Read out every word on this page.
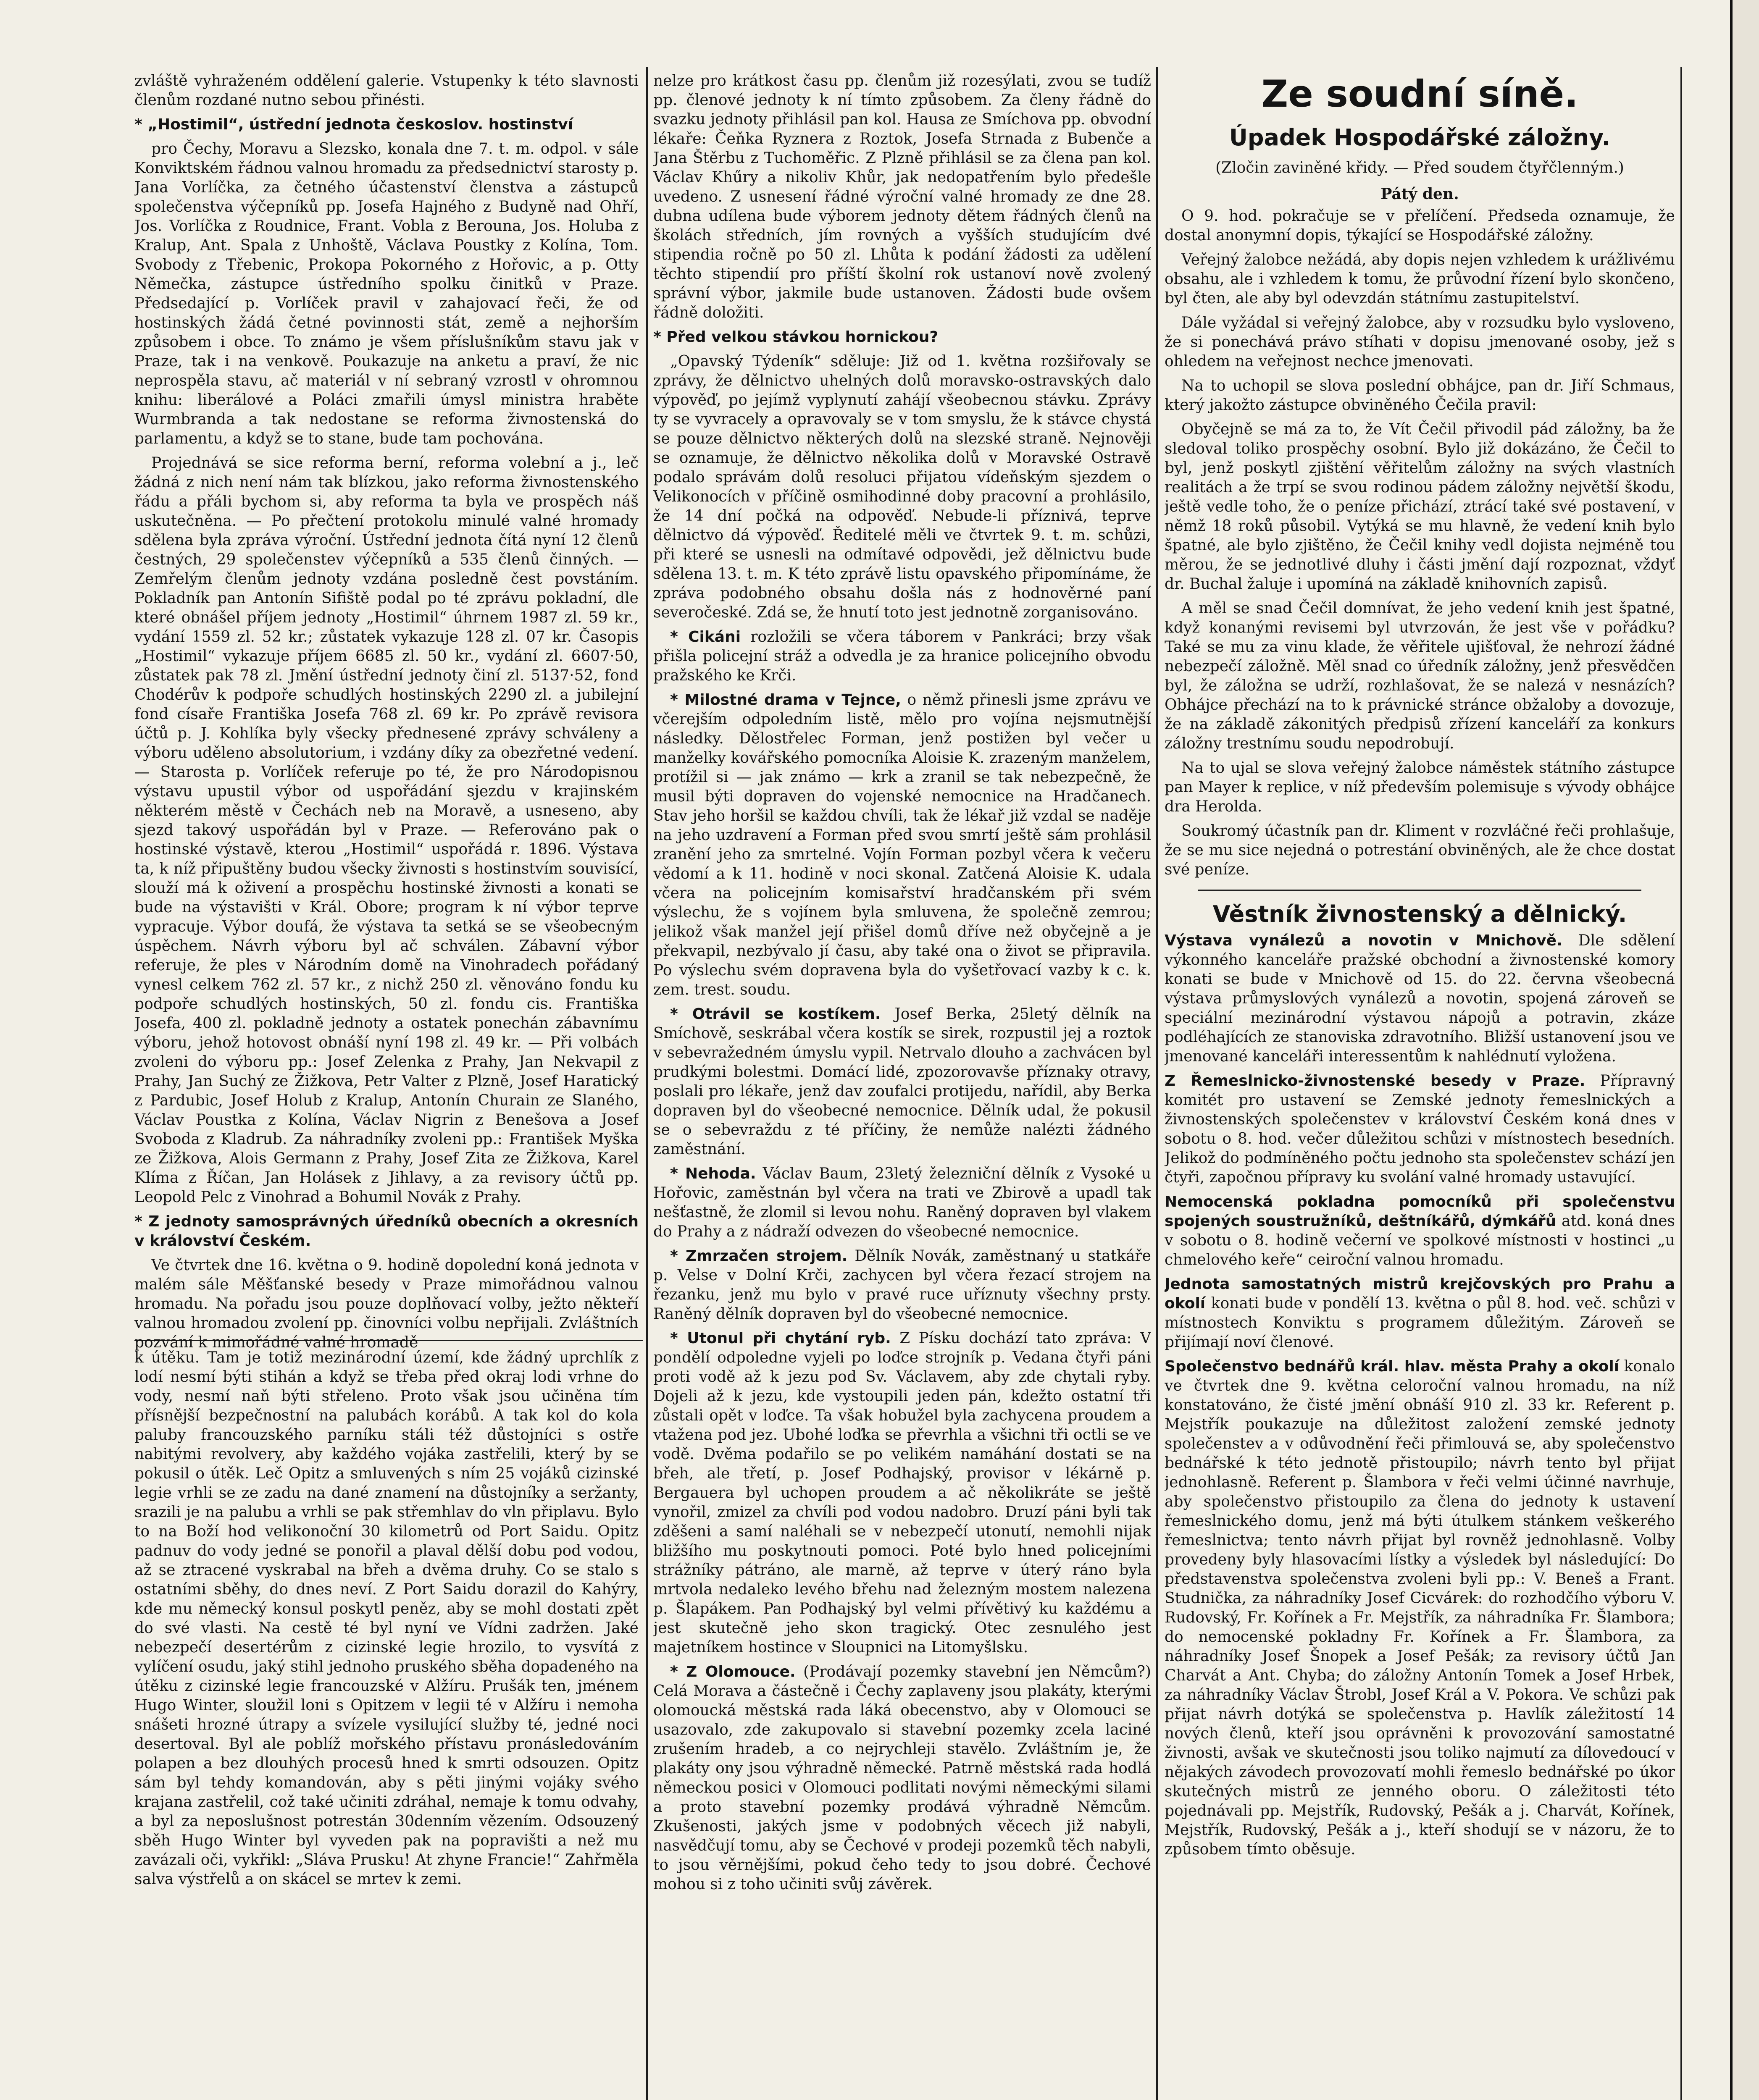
zvláště vyhraženém oddělení galerie. Vstupenky k této slavnosti členům rozdané nutno sebou přinésti.

* „Hostimil“, ústřední jednota českoslov. hostinství

pro Čechy, Moravu a Slezsko, konala dne 7. t. m. odpol. v sále Konviktském řádnou valnou hromadu za předsednictví starosty p. Jana Vorlíčka, za četného účastenství členstva a zástupců společenstva výčepníků pp. Josefa Hajného z Budyně nad Ohří, Jos. Vorlíčka z Roudnice, Frant. Vobla z Berouna, Jos. Holuba z Kralup, Ant. Spala z Unhoště, Václava Poustky z Kolína, Tom. Svobody z Třebenic, Prokopa Pokorného z Hořovic, a p. Otty Němečka, zástupce ústředního spolku činitků v Praze. Předsedající p. Vorlíček pravil v zahajovací řeči, že od hostinských žádá četné povinnosti stát, země a nejhorším způsobem i obce. To známo je všem příslušníkům stavu jak v Praze, tak i na venkově. Poukazuje na anketu a praví, že nic neprospěla stavu, ač materiál v ní sebraný vzrostl v ohromnou knihu: liberálové a Poláci zmařili úmysl ministra hraběte Wurmbranda a tak nedostane se reforma živnostenská do parlamentu, a když se to stane, bude tam pochována.

Projednává se sice reforma berní, reforma volební a j., leč žádná z nich není nám tak blízkou, jako reforma živnostenského řádu a přáli bychom si, aby reforma ta byla ve prospěch náš uskutečněna. — Po přečtení protokolu minulé valné hromady sdělena byla zpráva výroční. Ústřední jednota čítá nyní 12 členů čestných, 29 společenstev výčepníků a 535 členů činných. — Zemřelým členům jednoty vzdána posledně čest povstáním. Pokladník pan Antonín Sifiště podal po té zprávu pokladní, dle které obnášel příjem jednoty „Hostimil“ úhrnem 1987 zl. 59 kr., vydání 1559 zl. 52 kr.; zůstatek vykazuje 128 zl. 07 kr. Časopis „Hostimil“ vykazuje příjem 6685 zl. 50 kr., vydání zl. 6607·50, zůstatek pak 78 zl. Jmění ústřední jednoty činí zl. 5137·52, fond Chodérův k podpoře schudlých hostinských 2290 zl. a jubilejní fond císaře Františka Josefa 768 zl. 69 kr. Po zprávě revisora účtů p. J. Kohlíka byly všecky přednesené zprávy schváleny a výboru uděleno absolutorium, i vzdány díky za obezřetné vedení. — Starosta p. Vorlíček referuje po té, že pro Národopisnou výstavu upustil výbor od uspořádání sjezdu v krajinském některém městě v Čechách neb na Moravě, a usneseno, aby sjezd takový uspořádán byl v Praze. — Referováno pak o hostinské výstavě, kterou „Hostimil“ uspořádá r. 1896. Výstava ta, k níž připuštěny budou všecky živnosti s hostinstvím souvisící, slouží má k oživení a prospěchu hostinské živnosti a konati se bude na výstavišti v Král. Obore; program k ní výbor teprve vypracuje. Výbor doufá, že výstava ta setká se se všeobecným úspěchem. Návrh výboru byl ač schválen. Zábavní výbor referuje, že ples v Národním domě na Vinohradech pořádaný vynesl celkem 762 zl. 57 kr., z nichž 250 zl. věnováno fondu ku podpoře schudlých hostinských, 50 zl. fondu cis. Františka Josefa, 400 zl. pokladně jednoty a ostatek ponechán zábavnímu výboru, jehož hotovost obnáší nyní 198 zl. 49 kr. — Při volbách zvoleni do výboru pp.: Josef Zelenka z Prahy, Jan Nekvapil z Prahy, Jan Suchý ze Žižkova, Petr Valter z Plzně, Josef Haratický z Pardubic, Josef Holub z Kralup, Antonín Churain ze Slaného, Václav Poustka z Kolína, Václav Nigrin z Benešova a Josef Svoboda z Kladrub. Za náhradníky zvoleni pp.: František Myška ze Žižkova, Alois Germann z Prahy, Josef Zita ze Žižkova, Karel Klíma z Říčan, Jan Holásek z Jihlavy, a za revisory účtů pp. Leopold Pelc z Vinohrad a Bohumil Novák z Prahy.

* Z jednoty samosprávných úředníků obecních a okresních v království Českém.

Ve čtvrtek dne 16. května o 9. hodině dopolední koná jednota v malém sále Měšťanské besedy v Praze mimořádnou valnou hromadu. Na pořadu jsou pouze doplňovací volby, ježto někteří valnou hromadou zvolení pp. činovníci volbu nepřijali. Zvláštních pozvání k mimořádné valné hromadě

k útěku. Tam je totiž mezinárodní území, kde žádný uprchlík z lodí nesmí býti stihán a když se třeba před okraj lodi vrhne do vody, nesmí naň býti střeleno. Proto však jsou učiněna tím přísnější bezpečnostní na palubách korábů. A tak kol do kola paluby francouzského parníku stáli též důstojníci s ostře nabitými revolvery, aby každého vojáka zastřelili, který by se pokusil o útěk. Leč Opitz a smluvených s ním 25 vojáků cizinské legie vrhli se ze zadu na dané znamení na důstojníky a seržanty, srazili je na palubu a vrhli se pak střemhlav do vln připlavu. Bylo to na Boží hod velikonoční 30 kilometrů od Port Saidu. Opitz padnuv do vody jedné se ponořil a plaval dělší dobu pod vodou, až se ztracené vyskrabal na břeh a dvěma druhy. Co se stalo s ostatními sběhy, do dnes neví. Z Port Saidu dorazil do Kahýry, kde mu německý konsul poskytl peněz, aby se mohl dostati zpět do své vlasti. Na cestě té byl nyní ve Vídni zadržen. Jaké nebezpečí desertérům z cizinské legie hrozilo, to vysvítá z vylíčení osudu, jaký stihl jednoho pruského sběha dopadeného na útěku z cizinské legie francouzské v Alžíru. Prušák ten, jménem Hugo Winter, sloužil loni s Opitzem v legii té v Alžíru i nemoha snášeti hrozné útrapy a svízele vysilující služby té, jedné noci desertoval. Byl ale poblíž mořského přístavu pronásledováním polapen a bez dlouhých procesů hned k smrti odsouzen. Opitz sám byl tehdy komandován, aby s pěti jinými vojáky svého krajana zastřelil, což také učiniti zdráhal, nemaje k tomu odvahy, a byl za neposlušnost potrestán 30denním vězením. Odsouzený sběh Hugo Winter byl vyveden pak na popravišti a než mu zavázali oči, vykřikl: „Sláva Prusku! At zhyne Francie!“ Zahřměla salva výstřelů a on skácel se mrtev k zemi.

nelze pro krátkost času pp. členům již rozesýlati, zvou se tudíž pp. členové jednoty k ní tímto způsobem. Za členy řádně do svazku jednoty přihlásil pan kol. Hausa ze Smíchova pp. obvodní lékaře: Čeňka Ryznera z Roztok, Josefa Strnada z Bubenče a Jana Štěrbu z Tuchoměřic. Z Plzně přihlásil se za člena pan kol. Václav Khűry a nikoliv Khůr, jak nedopatřením bylo předešle uvedeno. Z usnesení řádné výroční valné hromady ze dne 28. dubna udílena bude výborem jednoty dětem řádných členů na školách středních, jím rovných a vyšších studujícím dvé stipendia ročně po 50 zl. Lhůta k podání žádosti za udělení těchto stipendií pro příští školní rok ustanoví nově zvolený správní výbor, jakmile bude ustanoven. Žádosti bude ovšem řádně doložiti.

* Před velkou stávkou hornickou?

„Opavský Týdeník“ sděluje: Již od 1. května rozšiřovaly se zprávy, že dělnictvo uhelných dolů moravsko-ostravských dalo výpověď, po jejímž vyplynutí zahájí všeobecnou stávku. Zprávy ty se vyvracely a opravovaly se v tom smyslu, že k stávce chystá se pouze dělnictvo některých dolů na slezské straně. Nejnověji se oznamuje, že dělnictvo několika dolů v Moravské Ostravě podalo správám dolů resoluci přijatou vídeňským sjezdem o Velikonocích v příčině osmihodinné doby pracovní a prohlásilo, že 14 dní počká na odpověď. Nebude-li příznivá, teprve dělnictvo dá výpověď. Ředitelé měli ve čtvrtek 9. t. m. schůzi, při které se usnesli na odmítavé odpovědi, jež dělnictvu bude sdělena 13. t. m. K této zprávě listu opavského připomínáme, že zpráva podobného obsahu došla nás z hodnověrné paní severočeské. Zdá se, že hnutí toto jest jednotně zorganisováno.

* Cikáni rozložili se včera táborem v Pankráci; brzy však přišla policejní stráž a odvedla je za hranice policejního obvodu pražského ke Krči.

* Milostné drama v Tejnce, o němž přinesli jsme zprávu ve včerejším odpoledním listě, mělo pro vojína nejsmutnější následky. Dělostřelec Forman, jenž postižen byl večer u manželky kovářského pomocníka Aloisie K. zrazeným manželem, protížil si — jak známo — krk a zranil se tak nebezpečně, že musil býti dopraven do vojenské nemocnice na Hradčanech. Stav jeho horšil se každou chvíli, tak že lékař již vzdal se naděje na jeho uzdravení a Forman před svou smrtí ještě sám prohlásil zranění jeho za smrtelné. Vojín Forman pozbyl včera k večeru vědomí a k 11. hodině v noci skonal. Zatčená Aloisie K. udala včera na policejním komisařství hradčanském při svém výslechu, že s vojínem byla smluvena, že společně zemrou; jelikož však manžel její přišel domů dříve než obyčejně a je překvapil, nezbývalo jí času, aby také ona o život se připravila. Po výslechu svém dopravena byla do vyšetřovací vazby k c. k. zem. trest. soudu.

* Otrávil se kostíkem. Josef Berka, 25letý dělník na Smíchově, seskrábal včera kostík se sirek, rozpustil jej a roztok v sebevražedném úmyslu vypil. Netrvalo dlouho a zachvácen byl prudkými bolestmi. Domácí lidé, zpozorovavše příznaky otravy, poslali pro lékaře, jenž dav zoufalci protijedu, nařídil, aby Berka dopraven byl do všeobecné nemocnice. Dělník udal, že pokusil se o sebevraždu z té příčiny, že nemůže nalézti žádného zaměstnání.

* Nehoda. Václav Baum, 23letý železniční dělník z Vysoké u Hořovic, zaměstnán byl včera na trati ve Zbirově a upadl tak nešťastně, že zlomil si levou nohu. Raněný dopraven byl vlakem do Prahy a z nádraží odvezen do všeobecné nemocnice.

* Zmrzačen strojem. Dělník Novák, zaměstnaný u statkáře p. Velse v Dolní Krči, zachycen byl včera řezací strojem na řezanku, jenž mu bylo v pravé ruce uříznuty všechny prsty. Raněný dělník dopraven byl do všeobecné nemocnice.

* Utonul při chytání ryb. Z Písku dochází tato zpráva: V pondělí odpoledne vyjeli po loďce strojník p. Vedana čtyři páni proti vodě až k jezu pod Sv. Václavem, aby zde chytali ryby. Dojeli až k jezu, kde vystoupili jeden pán, kdežto ostatní tři zůstali opět v loďce. Ta však hobužel byla zachycena proudem a vtažena pod jez. Ubohé loďka se převrhla a všichni tři octli se ve vodě. Dvěma podařilo se po velikém namáhání dostati se na břeh, ale třetí, p. Josef Podhajský, provisor v lékárně p. Bergauera byl uchopen proudem a ač několikráte se ještě vynořil, zmizel za chvíli pod vodou nadobro. Druzí páni byli tak zděšeni a samí naléhali se v nebezpečí utonutí, nemohli nijak bližšího mu poskytnouti pomoci. Poté bylo hned policejními strážníky pátráno, ale marně, až teprve v úterý ráno byla mrtvola nedaleko levého břehu nad železným mostem nalezena p. Šlapákem. Pan Podhajský byl velmi přívětivý ku každému a jest skutečně jeho skon tragický. Otec zesnulého jest majetníkem hostince v Sloupnici na Litomyšlsku.

* Z Olomouce. (Prodávají pozemky stavební jen Němcům?) Celá Morava a částečně i Čechy zaplaveny jsou plakáty, kterými olomoucká městská rada láká obecenstvo, aby v Olomouci se usazovalo, zde zakupovalo si stavební pozemky zcela laciné zrušením hradeb, a co nejrychleji stavělo. Zvláštním je, že plakáty ony jsou výhradně německé. Patrně městská rada hodlá německou posici v Olomouci podlitati novými německými silami a proto stavební pozemky prodává výhradně Němcům. Zkušenosti, jakých jsme v podobných věcech již nabyli, nasvědčují tomu, aby se Čechové v prodeji pozemků těch nabyli, to jsou věrnějšími, pokud čeho tedy to jsou dobré. Čechové mohou si z toho učiniti svůj závěrek.

Ze soudní síně.
Úpadek Hospodářské záložny.
(Zločin zaviněné křidy. — Před soudem čtyřčlenným.)
Pátý den.

O 9. hod. pokračuje se v přelíčení. Předseda oznamuje, že dostal anonymní dopis, týkající se Hospodářské záložny.

Veřejný žalobce nežádá, aby dopis nejen vzhledem k urážlivému obsahu, ale i vzhledem k tomu, že průvodní řízení bylo skončeno, byl čten, ale aby byl odevzdán státnímu zastupitelství.

Dále vyžádal si veřejný žalobce, aby v rozsudku bylo vysloveno, že si ponechává právo stíhati v dopisu jmenované osoby, jež s ohledem na veřejnost nechce jmenovati.

Na to uchopil se slova poslední obhájce, pan dr. Jiří Schmaus, který jakožto zástupce obviněného Čečila pravil:

Obyčejně se má za to, že Vít Čečil přivodil pád záložny, ba že sledoval toliko prospěchy osobní. Bylo již dokázáno, že Čečil to byl, jenž poskytl zjištění věřitelům záložny na svých vlastních realitách a že trpí se svou rodinou pádem záložny největší škodu, ještě vedle toho, že o peníze přichází, ztrácí také své postavení, v němž 18 roků působil. Vytýká se mu hlavně, že vedení knih bylo špatné, ale bylo zjištěno, že Čečil knihy vedl dojista nejméně tou měrou, že se jednotlivé dluhy i části jmění dají rozpoznat, vždyť dr. Buchal žaluje i upomíná na základě knihovních zapisů.

A měl se snad Čečil domnívat, že jeho vedení knih jest špatné, když konanými revisemi byl utvrzován, že jest vše v pořádku? Také se mu za vinu klade, že věřitele ujišťoval, že nehrozí žádné nebezpečí záložně. Měl snad co úředník záložny, jenž přesvědčen byl, že záložna se udrží, rozhlašovat, že se nalezá v nesnázích? Obhájce přechází na to k právnické stránce obžaloby a dovozuje, že na základě zákonitých předpisů zřízení kanceláří za konkurs záložny trestnímu soudu nepodrobují.

Na to ujal se slova veřejný žalobce náměstek státního zástupce pan Mayer k replice, v níž především polemisuje s vývody obhájce dra Herolda.

Soukromý účastník pan dr. Kliment v rozvláčné řeči prohlašuje, že se mu sice nejedná o potrestání obviněných, ale že chce dostat své peníze.

Věstník živnostenský a dělnický.

Výstava vynálezů a novotin v Mnichově. Dle sdělení výkonného kanceláře pražské obchodní a živnostenské komory konati se bude v Mnichově od 15. do 22. června všeobecná výstava průmyslových vynálezů a novotin, spojená zároveň se speciální mezinárodní výstavou nápojů a potravin, zkáze podléhajících ze stanoviska zdravotního. Bližší ustanovení jsou ve jmenované kanceláři interessentům k nahlédnutí vyložena.

Z Řemeslnicko-živnostenské besedy v Praze. Přípravný komitét pro ustavení se Zemské jednoty řemeslnických a živnostenských společenstev v království Českém koná dnes v sobotu o 8. hod. večer důležitou schůzi v místnostech besedních. Jelikož do podmíněného počtu jednoho sta společenstev schází jen čtyři, započnou přípravy ku svolání valné hromady ustavující.

Nemocenská pokladna pomocníků při společenstvu spojených soustružníků, deštníkářů, dýmkářů atd. koná dnes v sobotu o 8. hodině večerní ve spolkové místnosti v hostinci „u chmelového keře“ ceiroční valnou hromadu.

Jednota samostatných mistrů krejčovských pro Prahu a okolí konati bude v pondělí 13. května o půl 8. hod. več. schůzi v místnostech Konviktu s programem důležitým. Zároveň se přijímají noví členové.

Společenstvo bednářů král. hlav. města Prahy a okolí konalo ve čtvrtek dne 9. května celoroční valnou hromadu, na níž konstatováno, že čisté jmění obnáší 910 zl. 33 kr. Referent p. Mejstřík poukazuje na důležitost založení zemské jednoty společenstev a v odůvodnění řeči přimlouvá se, aby společenstvo bednářské k této jednotě přistoupilo; návrh tento byl přijat jednohlasně. Referent p. Šlambora v řeči velmi účinné navrhuje, aby společenstvo přistoupilo za člena do jednoty k ustavení řemeslnického domu, jenž má býti útulkem stánkem veškerého řemeslnictva; tento návrh přijat byl rovněž jednohlasně. Volby provedeny byly hlasovacími lístky a výsledek byl následující: Do představenstva společenstva zvoleni byli pp.: V. Beneš a Frant. Studnička, za náhradníky Josef Cicvárek: do rozhodčího výboru V. Rudovský, Fr. Kořínek a Fr. Mejstřík, za náhradníka Fr. Šlambora; do nemocenské pokladny Fr. Kořínek a Fr. Šlambora, za náhradníky Josef Šnopek a Josef Pešák; za revisory účtů Jan Charvát a Ant. Chyba; do záložny Antonín Tomek a Josef Hrbek, za náhradníky Václav Štrobl, Josef Král a V. Pokora. Ve schůzi pak přijat návrh dotýká se společenstva p. Havlík záležitostí 14 nových členů, kteří jsou oprávněni k provozování samostatné živnosti, avšak ve skutečnosti jsou toliko najmutí za dílovedoucí v nějakých závodech provozovatí mohli řemeslo bednářské po úkor skutečných mistrů ze jenného oboru. O záležitosti této pojednávali pp. Mejstřík, Rudovský, Pešák a j. Charvát, Kořínek, Mejstřík, Rudovský, Pešák a j., kteří shodují se v názoru, že to způsobem tímto oběsuje.
